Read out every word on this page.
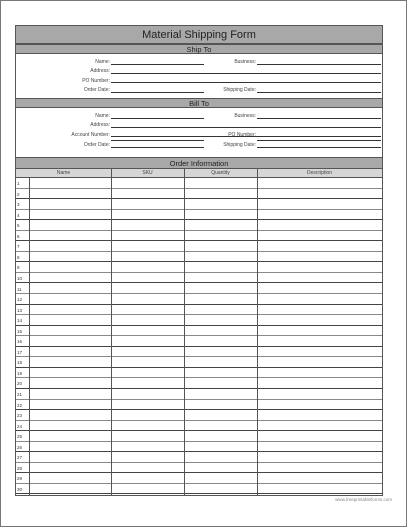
Material Shipping Form
Ship To
Name:	Business:
Address:
PO Number:
Order Date:	Shipping Date:
Bill To
Name:	Business:
Address:
Account Number:	PO Number:
Order Date:	Shipping Date:
Order Information
Name	SKU	Quantity	Description
1
2
3
4
5
6
7
8
9
10
11
12
13
14
15
16
17
18
19
20
21
22
23
24
25
26
27
28
29
30
www.freeprintableforms.com
